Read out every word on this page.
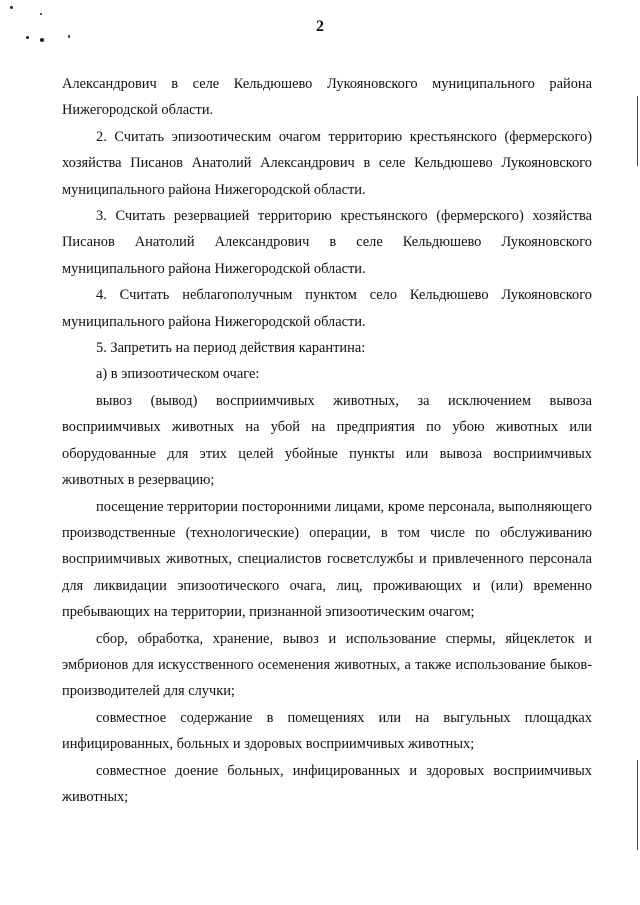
2

Александрович в селе Кельдюшево Лукояновского муниципального района Нижегородской области.

2. Считать эпизоотическим очагом территорию крестьянского (фермерского) хозяйства Писанов Анатолий Александрович в селе Кельдюшево Лукояновского муниципального района Нижегородской области.

3. Считать резервацией территорию крестьянского (фермерского) хозяйства Писанов Анатолий Александрович в селе Кельдюшево Лукояновского муниципального района Нижегородской области.

4. Считать неблагополучным пунктом село Кельдюшево Лукояновского муниципального района Нижегородской области.

5. Запретить на период действия карантина:

а) в эпизоотическом очаге:

вывоз (вывод) восприимчивых животных, за исключением вывоза восприимчивых животных на убой на предприятия по убою животных или оборудованные для этих целей убойные пункты или вывоза восприимчивых животных в резервацию;

посещение территории посторонними лицами, кроме персонала, выполняющего производственные (технологические) операции, в том числе по обслуживанию восприимчивых животных, специалистов госветслужбы и привлеченного персонала для ликвидации эпизоотического очага, лиц, проживающих и (или) временно пребывающих на территории, признанной эпизоотическим очагом;

сбор, обработка, хранение, вывоз и использование спермы, яйцеклеток и эмбрионов для искусственного осеменения животных, а также использование быков-производителей для случки;

совместное содержание в помещениях или на выгульных площадках инфицированных, больных и здоровых восприимчивых животных;

совместное доение больных, инфицированных и здоровых восприимчивых животных;
